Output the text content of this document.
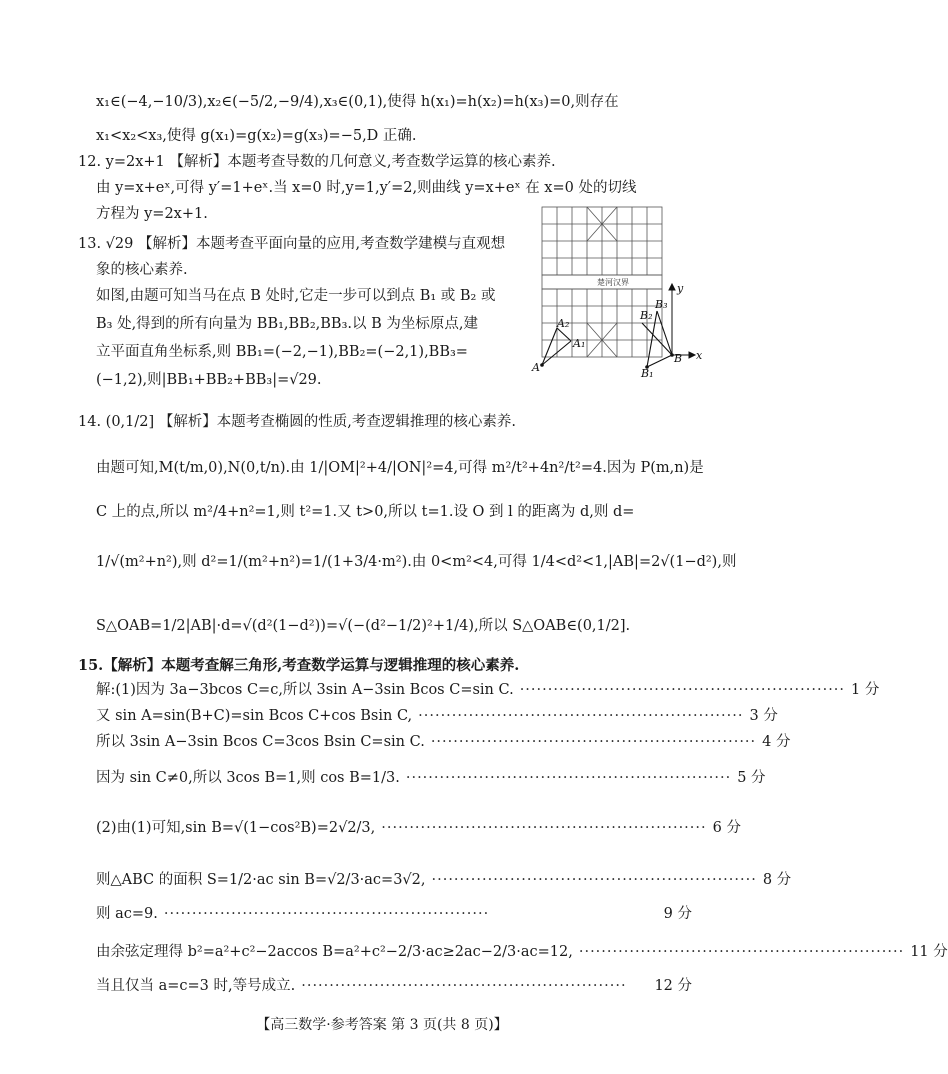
x₁∈(−4,−10/3),x₂∈(−5/2,−9/4),x₃∈(0,1),使得 h(x₁)=h(x₂)=h(x₃)=0,则存在
x₁<x₂<x₃,使得 g(x₁)=g(x₂)=g(x₃)=−5,D 正确.
12. y=2x+1 【解析】本题考查导数的几何意义,考查数学运算的核心素养.
由 y=x+eˣ,可得 y′=1+eˣ.当 x=0 时,y=1,y′=2,则曲线 y=x+eˣ 在 x=0 处的切线
方程为 y=2x+1.
13. √29 【解析】本题考查平面向量的应用,考查数学建模与直观想
象的核心素养.
如图,由题可知当马在点 B 处时,它走一步可以到点 B₁ 或 B₂ 或
B₃ 处,得到的所有向量为 BB₁,BB₂,BB₃.以 B 为坐标原点,建
立平面直角坐标系,则 BB₁=(−2,−1),BB₂=(−2,1),BB₃=
(−1,2),则|BB₁+BB₂+BB₃|=√29.
楚河汉界
A
A₁
A₂
B
B₁
B₂
B₃
x
y
14. (0,1/2] 【解析】本题考查椭圆的性质,考查逻辑推理的核心素养.
由题可知,M(t/m,0),N(0,t/n).由 1/|OM|²+4/|ON|²=4,可得 m²/t²+4n²/t²=4.因为 P(m,n)是
C 上的点,所以 m²/4+n²=1,则 t²=1.又 t>0,所以 t=1.设 O 到 l 的距离为 d,则 d=
1/√(m²+n²),则 d²=1/(m²+n²)=1/(1+3/4·m²).由 0<m²<4,可得 1/4<d²<1,|AB|=2√(1−d²),则
S△OAB=1/2|AB|·d=√(d²(1−d²))=√(−(d²−1/2)²+1/4),所以 S△OAB∈(0,1/2].
15.【解析】本题考查解三角形,考查数学运算与逻辑推理的核心素养.
解:(1)因为 3a−3bcos C=c,所以 3sin A−3sin Bcos C=sin C. ·························································· 1 分
又 sin A=sin(B+C)=sin Bcos C+cos Bsin C, ·························································· 3 分
所以 3sin A−3sin Bcos C=3cos Bsin C=sin C. ·························································· 4 分
因为 sin C≠0,所以 3cos B=1,则 cos B=1/3. ·························································· 5 分
(2)由(1)可知,sin B=√(1−cos²B)=2√2/3, ·························································· 6 分
则△ABC 的面积 S=1/2·ac sin B=√2/3·ac=3√2, ·························································· 8 分
则 ac=9. ··························································	9 分
由余弦定理得 b²=a²+c²−2accos B=a²+c²−2/3·ac≥2ac−2/3·ac=12, ·························································· 11 分
当且仅当 a=c=3 时,等号成立. ··························································	12 分
【高三数学·参考答案 第 3 页(共 8 页)】
